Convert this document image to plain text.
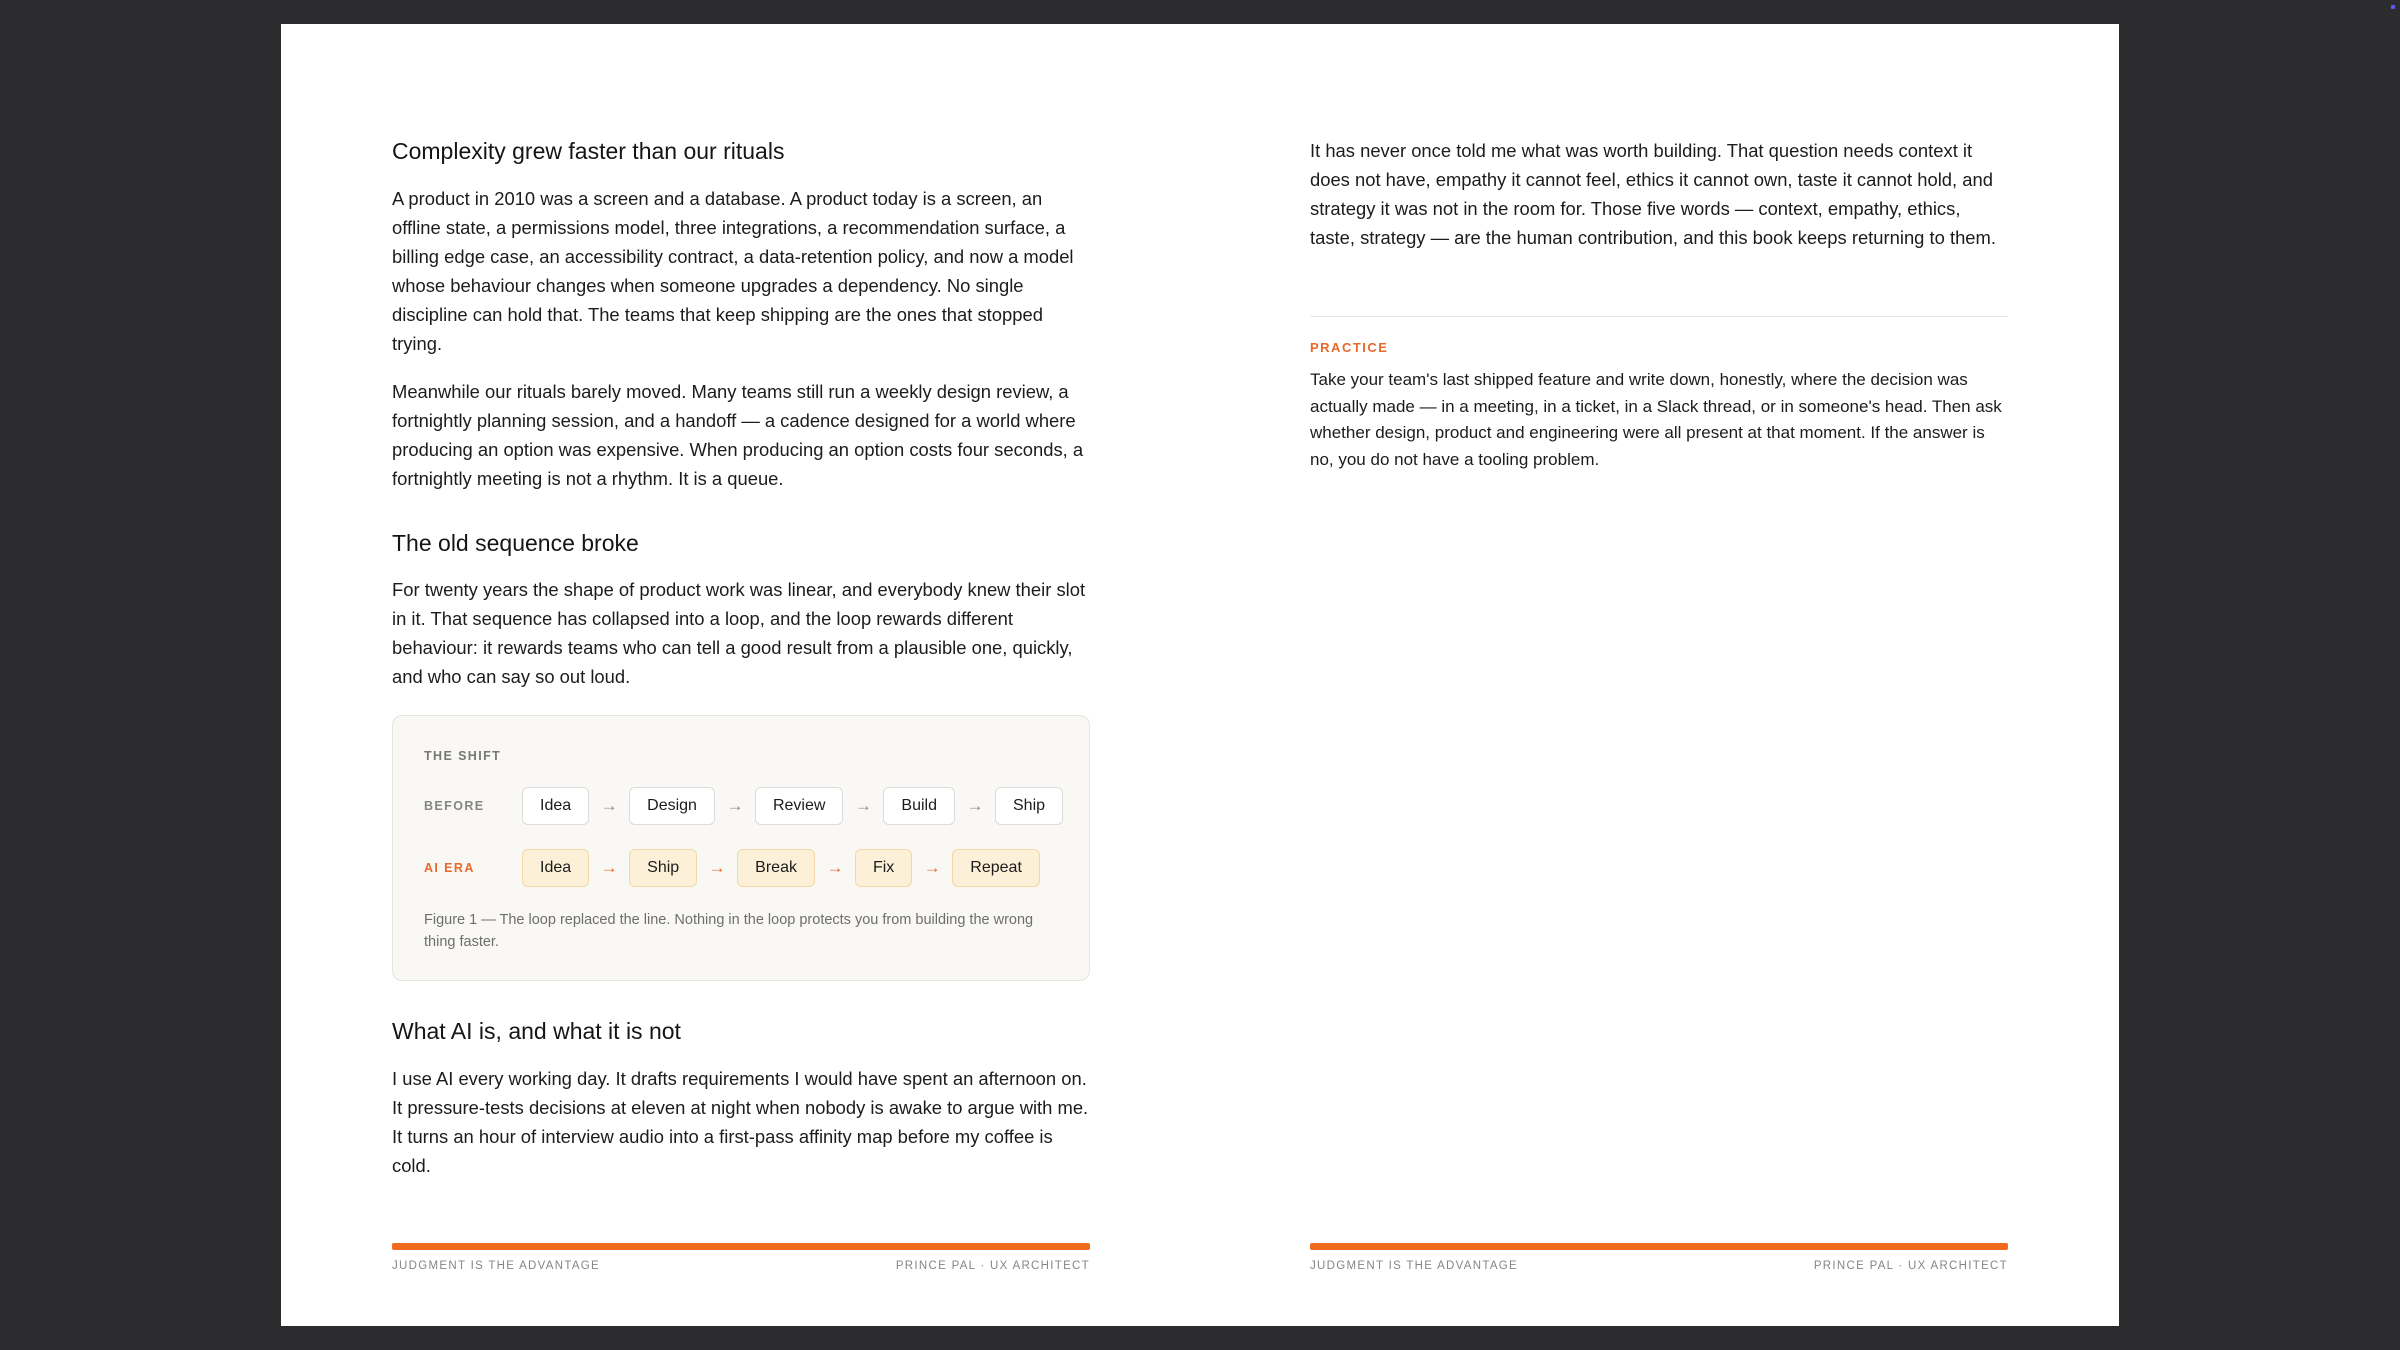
Complexity grew faster than our rituals

A product in 2010 was a screen and a database. A product today is a screen, an offline state, a permissions model, three integrations, a recommendation surface, a billing edge case, an accessibility contract, a data-retention policy, and now a model whose behaviour changes when someone upgrades a dependency. No single discipline can hold that. The teams that keep shipping are the ones that stopped trying.

Meanwhile our rituals barely moved. Many teams still run a weekly design review, a fortnightly planning session, and a handoff — a cadence designed for a world where producing an option was expensive. When producing an option costs four seconds, a fortnightly meeting is not a rhythm. It is a queue.

The old sequence broke

For twenty years the shape of product work was linear, and everybody knew their slot in it. That sequence has collapsed into a loop, and the loop rewards different behaviour: it rewards teams who can tell a good result from a plausible one, quickly, and who can say so out loud.

THE SHIFT
BEFORE	Idea	→	Design	→	Review	→	Build	→	Ship
AI ERA	Idea	→	Ship	→	Break	→	Fix	→	Repeat
Figure 1 — The loop replaced the line. Nothing in the loop protects you from building the wrong thing faster.
What AI is, and what it is not

I use AI every working day. It drafts requirements I would have spent an afternoon on. It pressure-tests decisions at eleven at night when nobody is awake to argue with me. It turns an hour of interview audio into a first-pass affinity map before my coffee is cold.

JUDGMENT IS THE ADVANTAGE	PRINCE PAL · UX ARCHITECT

It has never once told me what was worth building. That question needs context it does not have, empathy it cannot feel, ethics it cannot own, taste it cannot hold, and strategy it was not in the room for. Those five words — context, empathy, ethics, taste, strategy — are the human contribution, and this book keeps returning to them.

PRACTICE

Take your team's last shipped feature and write down, honestly, where the decision was actually made — in a meeting, in a ticket, in a Slack thread, or in someone's head. Then ask whether design, product and engineering were all present at that moment. If the answer is no, you do not have a tooling problem.

JUDGMENT IS THE ADVANTAGE	PRINCE PAL · UX ARCHITECT
